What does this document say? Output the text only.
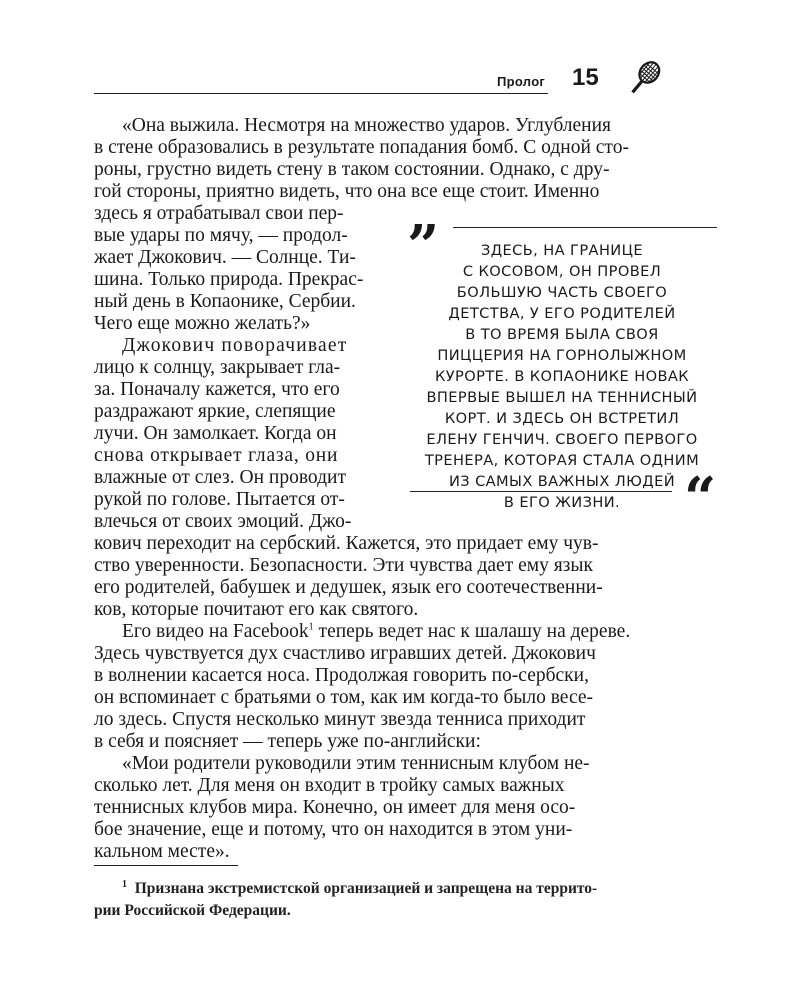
Пролог 15
«Она выжила. Несмотря на множество ударов. Углубления
в стене образовались в результате попадания бомб. С одной сто-
роны, грустно видеть стену в таком состоянии. Однако, с дру-
гой стороны, приятно видеть, что она все еще стоит. Именно
здесь я отрабатывал свои пер-
вые удары по мячу, — продол-
жает Джокович. — Солнце. Ти-
шина. Только природа. Прекрас-
ный день в Копаонике, Сербии.
Чего еще можно желать?»
Джокович поворачивает
лицо к солнцу, закрывает гла-
за. Поначалу кажется, что его
раздражают яркие, слепящие
лучи. Он замолкает. Когда он
снова открывает глаза, они
влажные от слез. Он проводит
рукой по голове. Пытается от-
влечься от своих эмоций. Джо-
”	ЗДЕСЬ, НА ГРАНИЦЕ
С КОСОВОМ, ОН ПРОВЕЛ
БОЛЬШУЮ ЧАСТЬ СВОЕГО
ДЕТСТВА, У ЕГО РОДИТЕЛЕЙ
В ТО ВРЕМЯ БЫЛА СВОЯ
ПИЦЦЕРИЯ НА ГОРНОЛЫЖНОМ
КУРОРТЕ. В КОПАОНИКЕ НОВАК
ВПЕРВЫЕ ВЫШЕЛ НА ТЕННИСНЫЙ
КОРТ. И ЗДЕСЬ ОН ВСТРЕТИЛ
ЕЛЕНУ ГЕНЧИЧ. СВОЕГО ПЕРВОГО
ТРЕНЕРА, КОТОРАЯ СТАЛА ОДНИМ
ИЗ САМЫХ ВАЖНЫХ ЛЮДЕЙ
В ЕГО ЖИЗНИ.	“
кович переходит на сербский. Кажется, это придает ему чув-
ство уверенности. Безопасности. Эти чувства дает ему язык
его родителей, бабушек и дедушек, язык его соотечественни-
ков, которые почитают его как святого.
Его видео на Facebook$^1$ теперь ведет нас к шалашу на дереве.
Здесь чувствуется дух счастливо игравших детей. Джокович
в волнении касается носа. Продолжая говорить по-сербски,
он вспоминает с братьями о том, как им когда-то было весе-
ло здесь. Спустя несколько минут звезда тенниса приходит
в себя и поясняет — теперь уже по-английски:
«Мои родители руководили этим теннисным клубом не-
сколько лет. Для меня он входит в тройку самых важных
теннисных клубов мира. Конечно, он имеет для меня осо-
бое значение, еще и потому, что он находится в этом уни-
кальном месте».
$^1$ Признана экстремистской организацией и запрещена на террито-
рии Российской Федерации.
